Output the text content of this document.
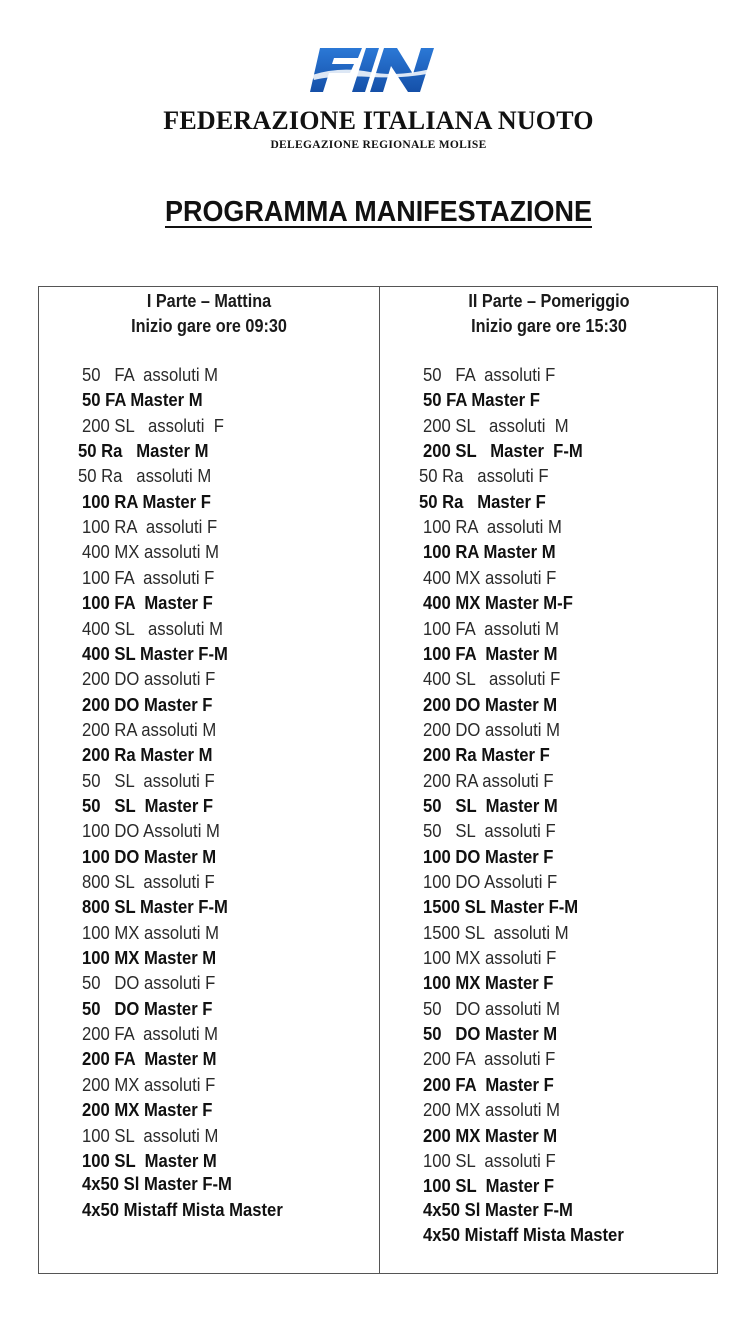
FEDERAZIONE ITALIANA NUOTO
DELEGAZIONE REGIONALE MOLISE
PROGRAMMA MANIFESTAZIONE
I Parte – Mattina
Inizio gare ore 09:30
II Parte – Pomeriggio
Inizio gare ore 15:30
50   FA  assoluti M
50 FA Master M
200 SL   assoluti  F
50 Ra   Master M
50 Ra   assoluti M
100 RA Master F
100 RA  assoluti F
400 MX assoluti M
100 FA  assoluti F
100 FA  Master F
400 SL   assoluti M
400 SL Master F-M
200 DO assoluti F
200 DO Master F
200 RA assoluti M
200 Ra Master M
50   SL  assoluti F
50   SL  Master F
100 DO Assoluti M
100 DO Master M
800 SL  assoluti F
800 SL Master F-M
100 MX assoluti M
100 MX Master M
50   DO assoluti F
50   DO Master F
200 FA  assoluti M
200 FA  Master M
200 MX assoluti F
200 MX Master F
100 SL  assoluti M
100 SL  Master M
4x50 Sl Master F-M
4x50 Mistaff Mista Master
50   FA  assoluti F
50 FA Master F
200 SL   assoluti  M
200 SL   Master  F-M
50 Ra   assoluti F
50 Ra   Master F
100 RA  assoluti M
100 RA Master M
400 MX assoluti F
400 MX Master M-F
100 FA  assoluti M
100 FA  Master M
400 SL   assoluti F
200 DO Master M
200 DO assoluti M
200 Ra Master F
200 RA assoluti F
50   SL  Master M
50   SL  assoluti F
100 DO Master F
100 DO Assoluti F
1500 SL Master F-M
1500 SL  assoluti M
100 MX assoluti F
100 MX Master F
50   DO assoluti M
50   DO Master M
200 FA  assoluti F
200 FA  Master F
200 MX assoluti M
200 MX Master M
100 SL  assoluti F
100 SL  Master F
4x50 Sl Master F-M
4x50 Mistaff Mista Master
